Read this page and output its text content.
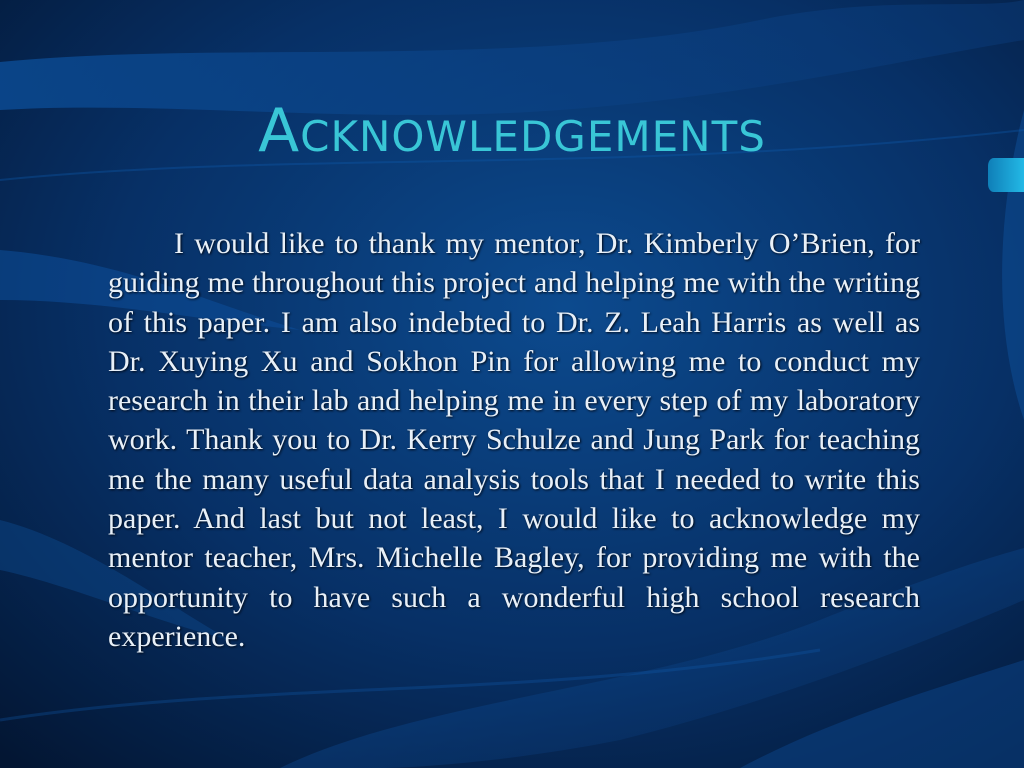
Acknowledgements

I would like to thank my mentor, Dr. Kimberly O’Brien, for guiding me throughout this project and helping me with the writing of this paper. I am also indebted to Dr. Z. Leah Harris as well as Dr. Xuying Xu and Sokhon Pin for allowing me to conduct my research in their lab and helping me in every step of my laboratory work. Thank you to Dr. Kerry Schulze and Jung Park for teaching me the many useful data analysis tools that I needed to write this paper. And last but not least, I would like to acknowledge my mentor teacher, Mrs. Michelle Bagley, for providing me with the opportunity to have such a wonderful high school research experience.
